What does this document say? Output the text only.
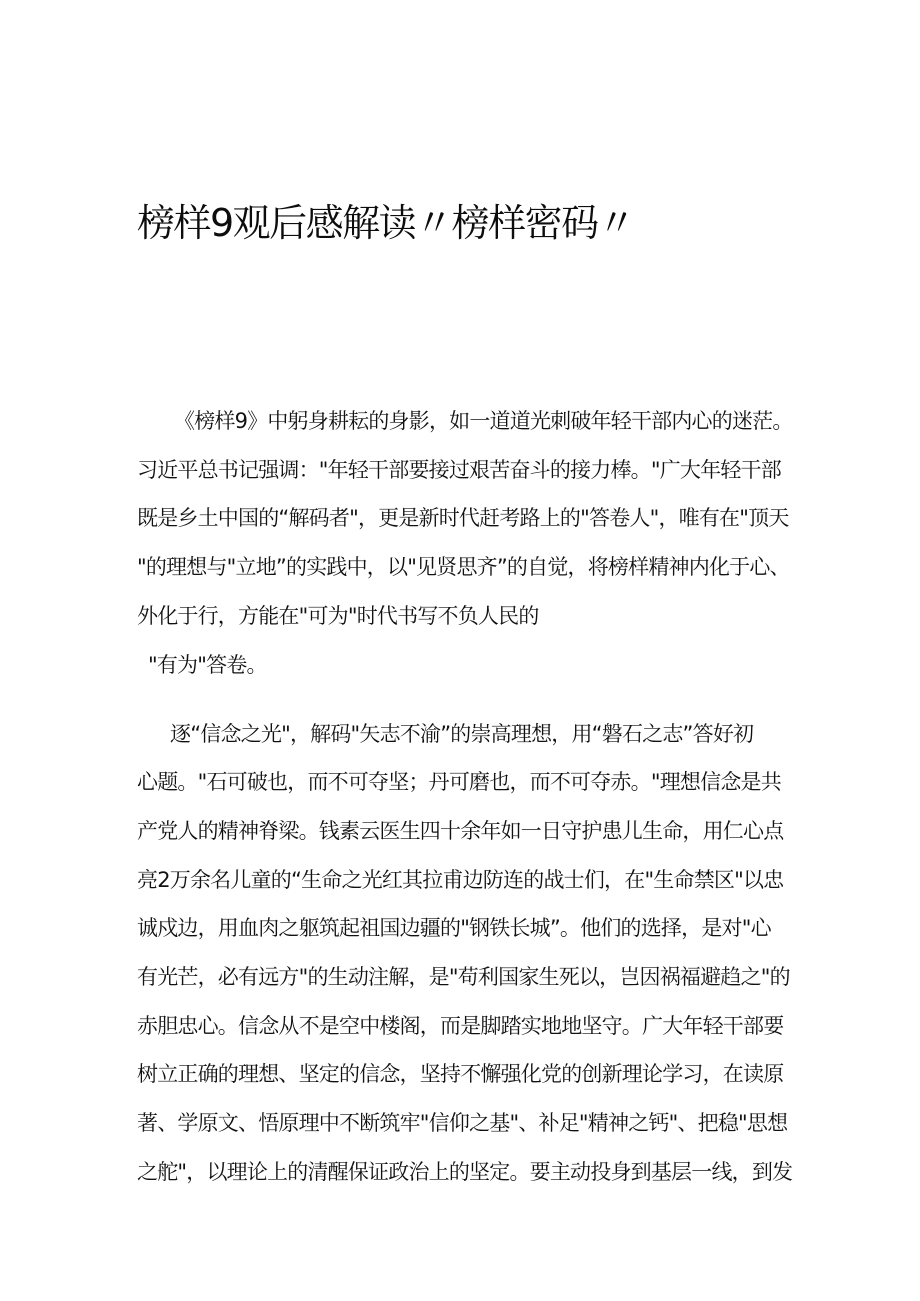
榜样9观后感解读〃榜样密码〃
《榜样9》中躬身耕耘的身影，如一道道光刺破年轻干部内心的迷茫。
习近平总书记强调："年轻干部要接过艰苦奋斗的接力棒。"广大年轻干部
既是乡土中国的“解码者"，更是新时代赶考路上的"答卷人"，唯有在"顶天
"的理想与"立地”的实践中，以"见贤思齐”的自觉，将榜样精神内化于心、
外化于行，方能在"可为"时代书写不负人民的
"有为"答卷。
逐“信念之光"，解码"矢志不渝”的崇高理想，用“磐石之志”答好初
心题。"石可破也，而不可夺坚；丹可磨也，而不可夺赤。"理想信念是共
产党人的精神脊梁。钱素云医生四十余年如一日守护患儿生命，用仁心点
亮2万余名儿童的“生命之光红其拉甫边防连的战士们，在"生命禁区"以忠
诚戍边，用血肉之躯筑起祖国边疆的"钢铁长城”。他们的选择，是对"心
有光芒，必有远方"的生动注解，是"苟利国家生死以，岂因祸福避趋之"的
赤胆忠心。信念从不是空中楼阁，而是脚踏实地地坚守。广大年轻干部要
树立正确的理想、坚定的信念，坚持不懈强化党的创新理论学习，在读原
著、学原文、悟原理中不断筑牢"信仰之基"、补足"精神之钙"、把稳"思想
之舵"，以理论上的清醒保证政治上的坚定。要主动投身到基层一线，到发
